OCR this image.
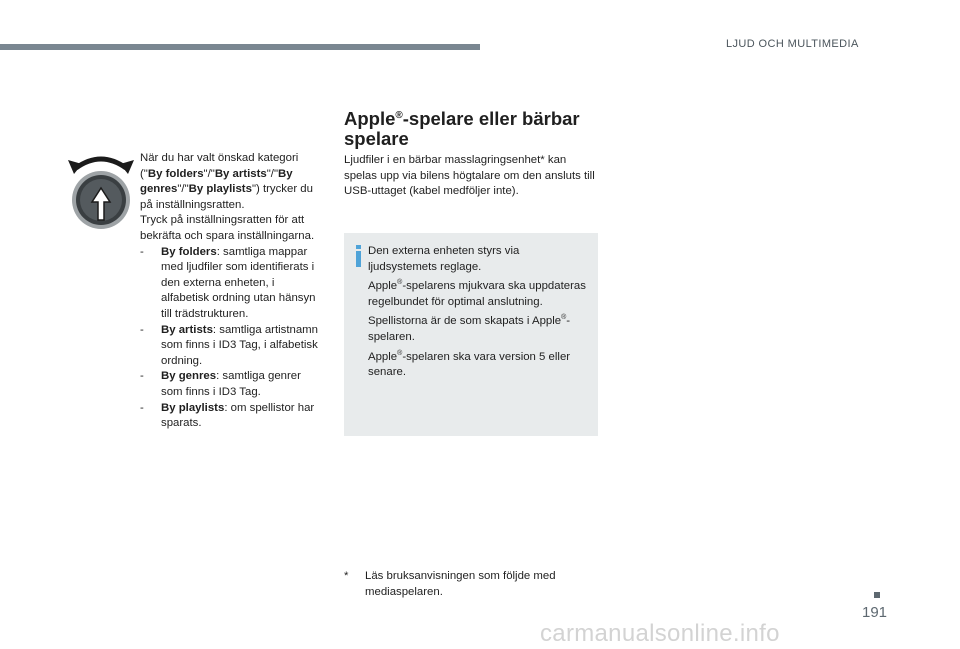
LJUD OCH MULTIMEDIA

När du har valt önskad kategori ("By folders"/"By artists"/"By genres"/"By playlists") trycker du på inställningsratten.

Tryck på inställningsratten för att bekräfta och spara inställningarna.

-	By folders: samtliga mappar med ljudfiler som identifierats i den externa enheten, i alfabetisk ordning utan hänsyn till trädstrukturen.
-	By artists: samtliga artistnamn som finns i ID3 Tag, i alfabetisk ordning.
-	By genres: samtliga genrer som finns i ID3 Tag.
-	By playlists: om spellistor har sparats.
Apple®-spelare eller bärbar spelare

Ljudfiler i en bärbar masslagringsenhet* kan spelas upp via bilens högtalare om den ansluts till USB-uttaget (kabel medföljer inte).

Den externa enheten styrs via ljudsystemets reglage.

Apple®-spelarens mjukvara ska uppdateras regelbundet för optimal anslutning.

Spellistorna är de som skapats i Apple®-spelaren.

Apple®-spelaren ska vara version 5 eller senare.

*	Läs bruksanvisningen som följde med mediaspelaren.
191
carmanualsonline.info
